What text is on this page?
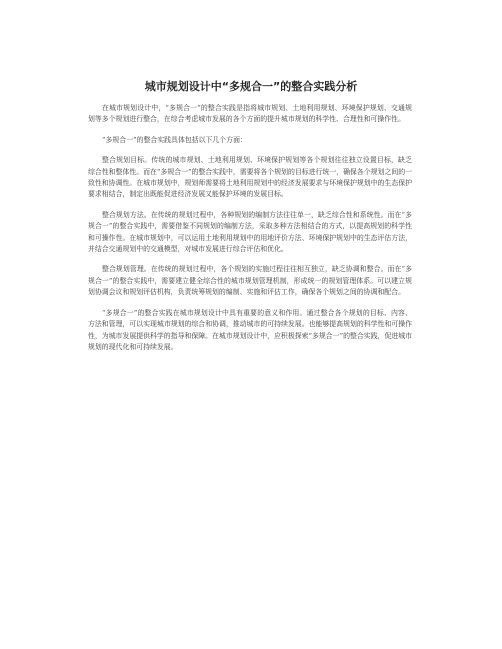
城市规划设计中“多规合一”的整合实践分析

在城市规划设计中，“多规合一”的整合实践是指将城市规划、土地利用规划、环境保护规划、交通规划等多个规划进行整合，在综合考虑城市发展的各个方面的提升城市规划的科学性、合理性和可操作性。

“多规合一”的整合实践具体包括以下几个方面：

整合规划目标。传统的城市规划、土地利用规划、环境保护规划等各个规划往往独立设置目标，缺乏综合性和整体性。而在“多规合一”的整合实践中，需要将各个规划的目标进行统一，确保各个规划之间的一致性和协调性。在城市规划中，规划师需要将土地利用规划中的经济发展要求与环境保护规划中的生态保护要求相结合，制定出既能促进经济发展又能保护环境的发展目标。

整合规划方法。在传统的规划过程中，各种规划的编制方法往往单一，缺乏综合性和系统性。而在“多规合一”的整合实践中，需要借鉴不同规划的编制方法，采取多种方法相结合的方式，以提高规划的科学性和可操作性。在城市规划中，可以运用土地利用规划中的用地评价方法、环境保护规划中的生态评估方法，并结合交通规划中的交通模型，对城市发展进行综合评估和优化。

整合规划管理。在传统的规划过程中，各个规划的实施过程往往相互独立，缺乏协调和整合。而在“多规合一”的整合实践中，需要建立健全综合性的城市规划管理机制，形成统一的规划管理体系。可以建立规划协调会议和规划评估机构，负责统筹规划的编制、实施和评估工作，确保各个规划之间的协调和配合。

“多规合一”的整合实践在城市规划设计中具有重要的意义和作用。通过整合各个规划的目标、内容、方法和管理，可以实现城市规划的综合和协调，推动城市的可持续发展。也能够提高规划的科学性和可操作性，为城市发展提供科学的指导和保障。在城市规划设计中，应积极探索“多规合一”的整合实践，促进城市规划的现代化和可持续发展。
